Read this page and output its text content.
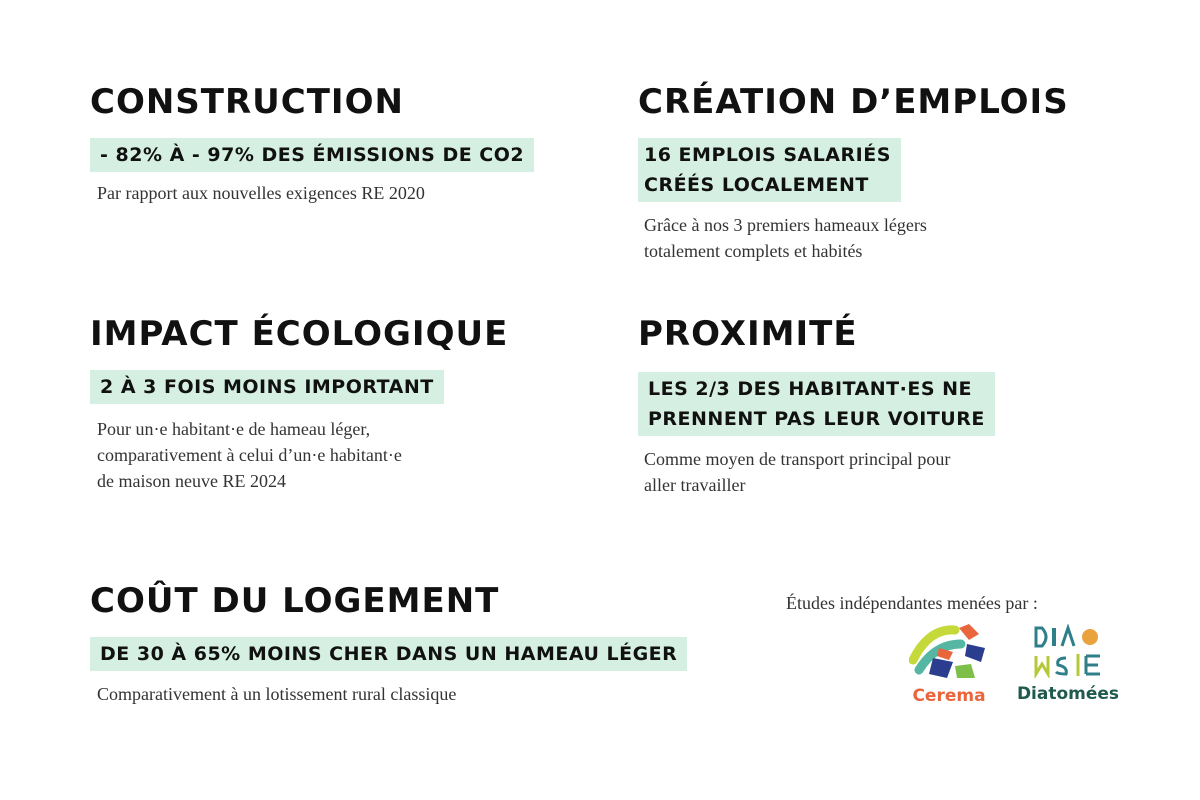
CONSTRUCTION
- 82% À - 97% DES ÉMISSIONS DE CO2

Par rapport aux nouvelles exigences RE 2020

CRÉATION D’EMPLOIS
16 EMPLOIS SALARIÉS
CRÉÉS LOCALEMENT

Grâce à nos 3 premiers hameaux légers
totalement complets et habités

IMPACT ÉCOLOGIQUE
2 À 3 FOIS MOINS IMPORTANT

Pour un·e habitant·e de hameau léger,
comparativement à celui d’un·e habitant·e
de maison neuve RE 2024

PROXIMITÉ
LES 2/3 DES HABITANT·ES NE
PRENNENT PAS LEUR VOITURE

Comme moyen de transport principal pour
aller travailler

COÛT DU LOGEMENT
DE 30 À 65% MOINS CHER DANS UN HAMEAU LÉGER

Comparativement à un lotissement rural classique

Études indépendantes menées par :

Cerema	Diatomées
